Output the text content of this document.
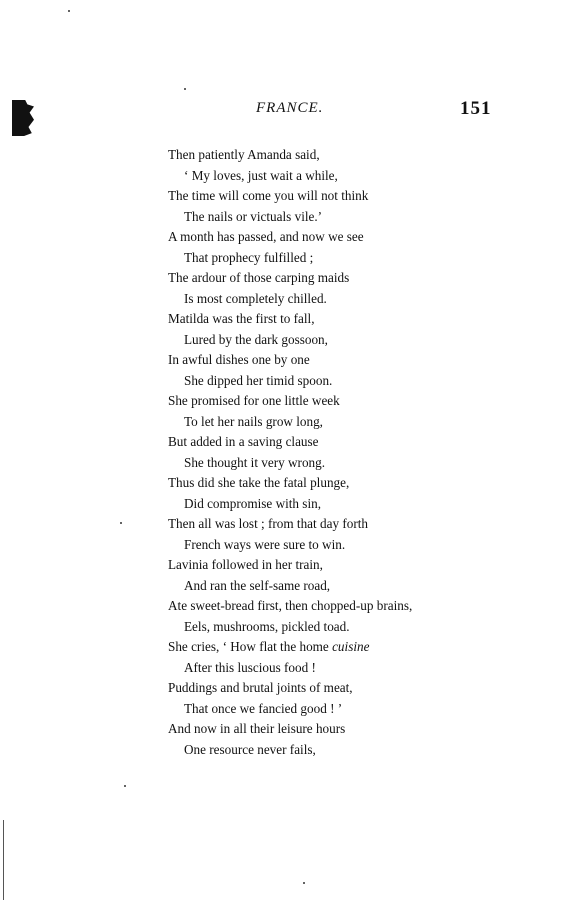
FRANCE.	151
Then patiently Amanda said,
‘ My loves, just wait a while,
The time will come you will not think
The nails or victuals vile.’
A month has passed, and now we see
That prophecy fulfilled ;
The ardour of those carping maids
Is most completely chilled.
Matilda was the first to fall,
Lured by the dark gossoon,
In awful dishes one by one
She dipped her timid spoon.
She promised for one little week
To let her nails grow long,
But added in a saving clause
She thought it very wrong.
Thus did she take the fatal plunge,
Did compromise with sin,
Then all was lost ; from that day forth
French ways were sure to win.
Lavinia followed in her train,
And ran the self-same road,
Ate sweet-bread first, then chopped-up brains,
Eels, mushrooms, pickled toad.
She cries, ‘ How flat the home cuisine
After this luscious food !
Puddings and brutal joints of meat,
That once we fancied good ! ’
And now in all their leisure hours
One resource never fails,
